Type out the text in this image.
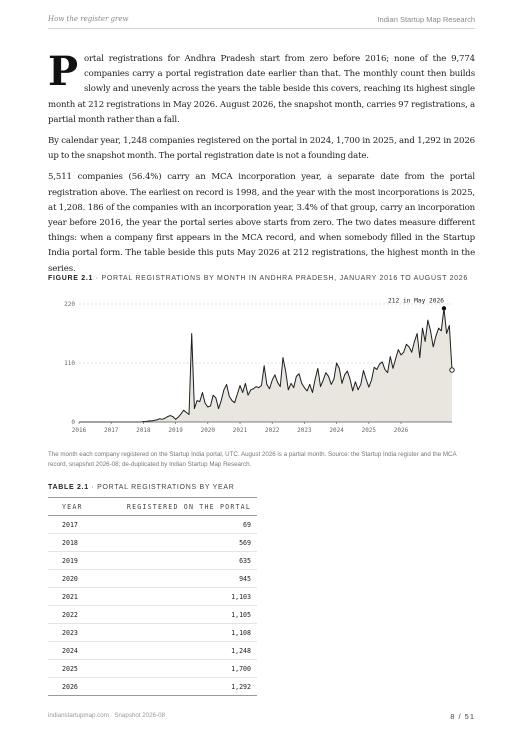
How the register grew	Indian Startup Map Research

Portal registrations for Andhra Pradesh start from zero before 2016; none of the 9,774 companies carry a portal registration date earlier than that. The monthly count then builds slowly and unevenly across the years the table beside this covers, reaching its highest single month at 212 registrations in May 2026. August 2026, the snapshot month, carries 97 registrations, a partial month rather than a fall.

By calendar year, 1,248 companies registered on the portal in 2024, 1,700 in 2025, and 1,292 in 2026 up to the snapshot month. The portal registration date is not a founding date.

5,511 companies (56.4%) carry an MCA incorporation year, a separate date from the portal registration above. The earliest on record is 1998, and the year with the most incorporations is 2025, at 1,208. 186 of the companies with an incorporation year, 3.4% of that group, carry an incorporation year before 2016, the year the portal series above starts from zero. The two dates measure different things: when a company first appears in the MCA record, and when somebody filled in the Startup India portal form. The table beside this puts May 2026 at 212 registrations, the highest month in the series.

FIGURE 2.1 · PORTAL REGISTRATIONS BY MONTH IN ANDHRA PRADESH, JANUARY 2016 TO AUGUST 2026
0
110
220
2016	2017	2018	2019	2020	2021	2022	2023	2024	2025	2026
212 in May 2026
The month each company registered on the Startup India portal, UTC. August 2026 is a partial month. Source: the Startup India register and the MCA record, snapshot 2026-08; de-duplicated by Indian Startup Map Research.
TABLE 2.1 · PORTAL REGISTRATIONS BY YEAR
YEAR	REGISTERED ON THE PORTAL
2017	69
2018	569
2019	635
2020	945
2021	1,103
2022	1,105
2023	1,108
2024	1,248
2025	1,700
2026	1,292
indianstartupmap.com · Snapshot 2026-08	8 / 51
